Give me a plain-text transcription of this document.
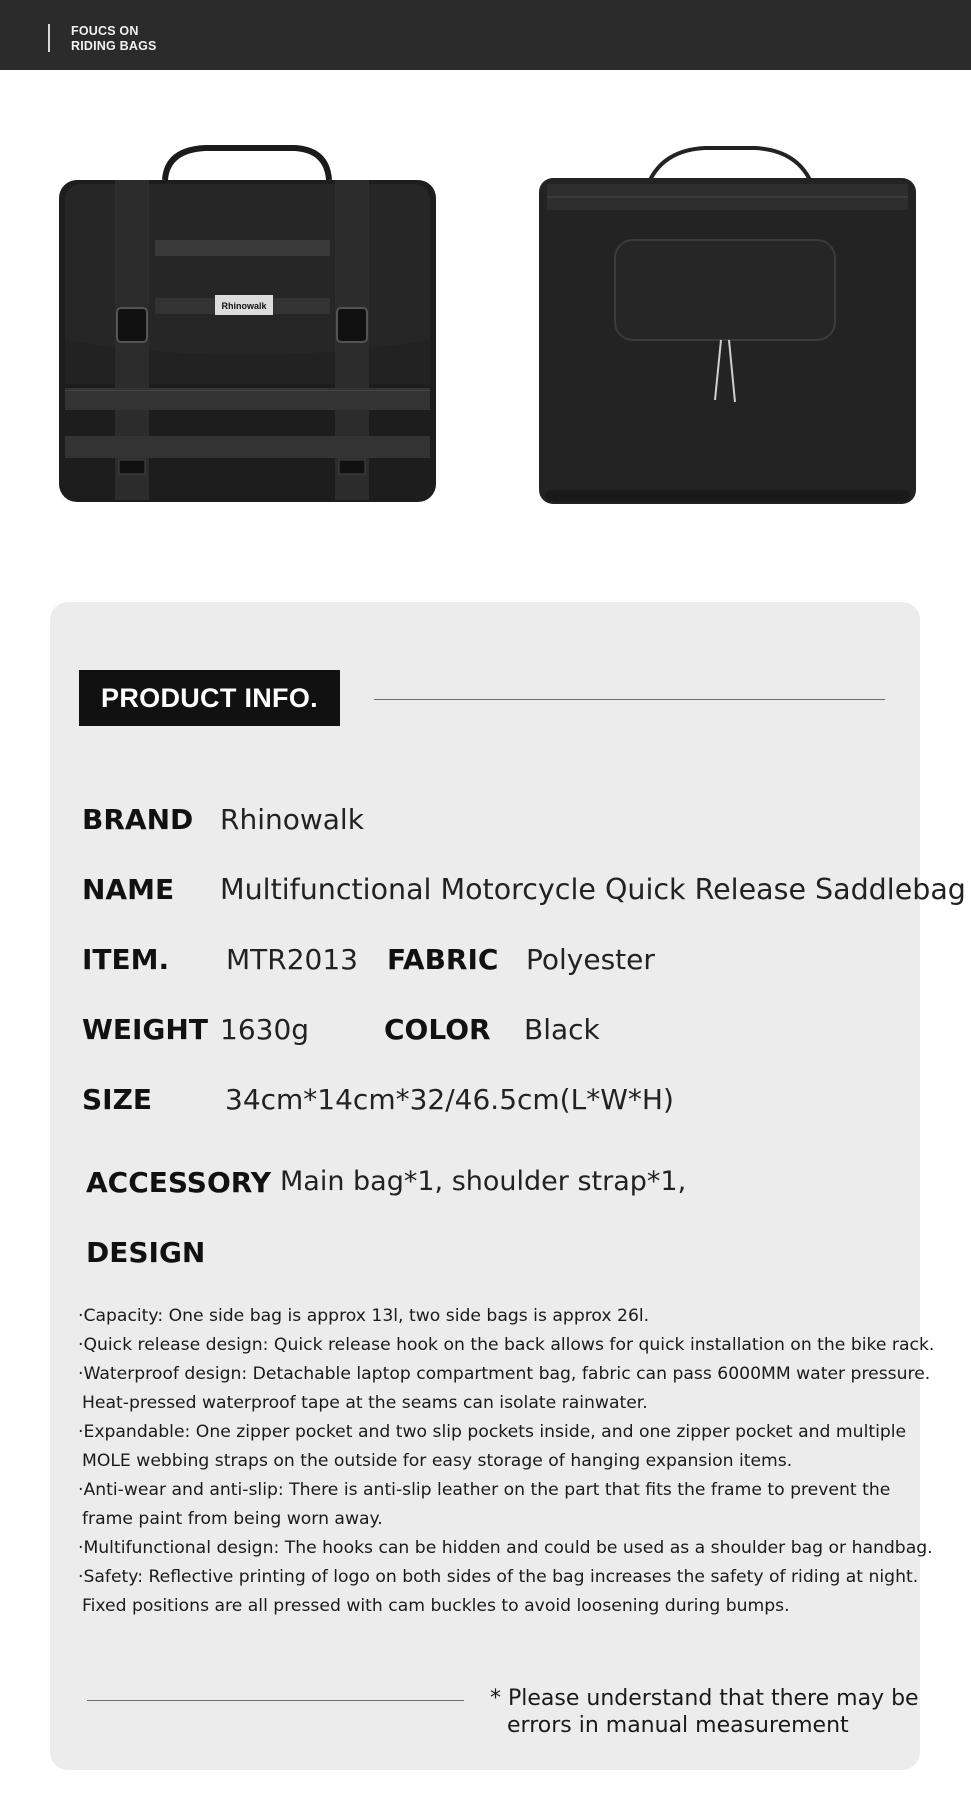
FOUCS ON
RIDING BAGS
Rhinowalk
PRODUCT INFO.
BRAND Rhinowalk
NAME Multifunctional Motorcycle Quick Release Saddlebag
ITEM. MTR2013 FABRIC Polyester
WEIGHT 1630g	COLOR Black
SIZE	34cm*14cm*32/46.5cm(L*W*H)
ACCESSORY Main bag*1, shoulder strap*1,
DESIGN
·Capacity: One side bag is approx 13l, two side bags is approx 26l.
·Quick release design: Quick release hook on the back allows for quick installation on the bike rack.
·Waterproof design: Detachable laptop compartment bag, fabric can pass 6000MM water pressure.
Heat-pressed waterproof tape at the seams can isolate rainwater.
·Expandable: One zipper pocket and two slip pockets inside, and one zipper pocket and multiple
MOLE webbing straps on the outside for easy storage of hanging expansion items.
·Anti-wear and anti-slip: There is anti-slip leather on the part that fits the frame to prevent the
frame paint from being worn away.
·Multifunctional design: The hooks can be hidden and could be used as a shoulder bag or handbag.
·Safety: Reflective printing of logo on both sides of the bag increases the safety of riding at night.
Fixed positions are all pressed with cam buckles to avoid loosening during bumps.
* Please understand that there may be
errors in manual measurement
